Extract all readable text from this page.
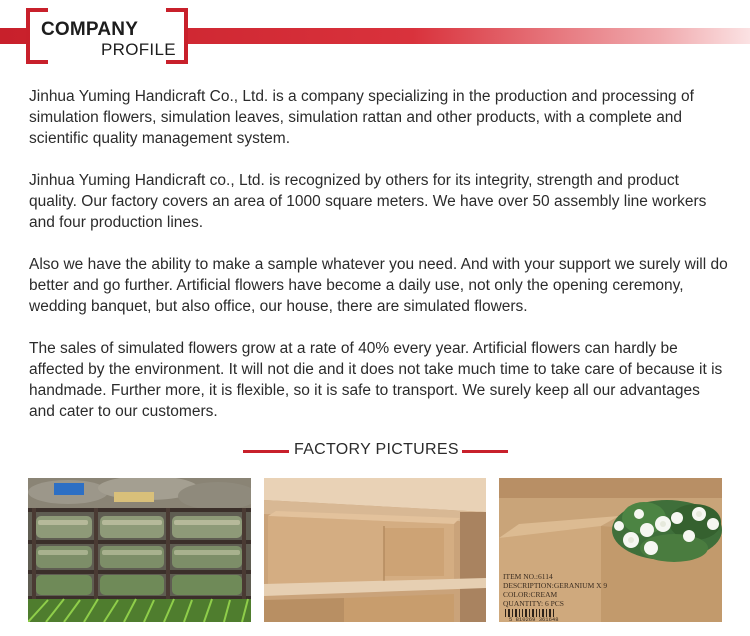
COMPANY
PROFILE

Jinhua Yuming Handicraft Co., Ltd. is a company specializing in the production and processing of simulation flowers, simulation leaves, simulation rattan and other products, with a complete and scientific quality management system.

Jinhua Yuming Handicraft co., Ltd. is recognized by others for its integrity, strength and product quality. Our factory covers an area of 1000 square meters. We have over 50 assembly line workers and four production lines.

Also we have the ability to make a sample whatever you need. And with your support we surely will do better and go further. Artificial flowers have become a daily use, not only the opening ceremony, wedding banquet, but also office, our house, there are simulated flowers.

The sales of simulated flowers grow at a rate of 40% every year. Artificial flowers can hardly be affected by the environment. It will not die and it does not take much time to take care of because it is handmade. Further more, it is flexible, so it is safe to transport. We surely keep all our advantages and cater to our customers.

FACTORY PICTURES
ITEM NO.:6114
DESCRIPTION:GERANIUM X 9
COLOR:CREAM
QUANTITY: 6 PCS
5 810269 361648
